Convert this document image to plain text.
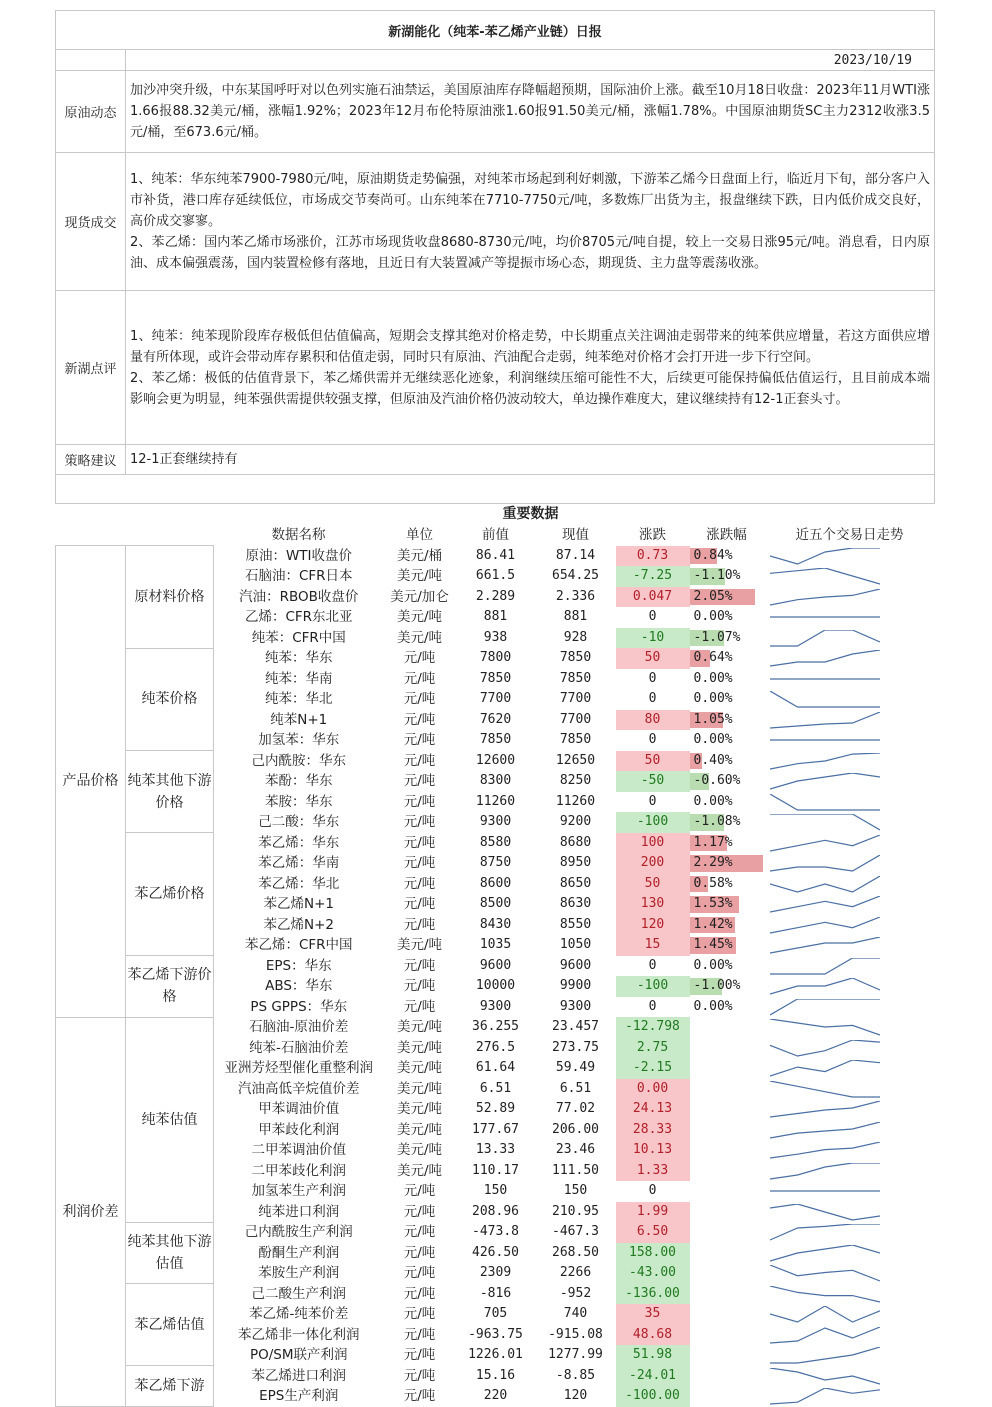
新湖能化（纯苯-苯乙烯产业链）日报	
	2023/10/19
原油动态	加沙冲突升级，中东某国呼吁对以色列实施石油禁运，美国原油库存降幅超预期，国际油价上涨。截至10月18日收盘：2023年11月WTI涨1.66报88.32美元/桶，涨幅1.92%；2023年12月布伦特原油涨1.60报91.50美元/桶，涨幅1.78%。中国原油期货SC主力2312收涨3.5元/桶，至673.6元/桶。
现货成交	1、纯苯：华东纯苯7900-7980元/吨，原油期货走势偏强，对纯苯市场起到利好刺激，下游苯乙烯今日盘面上行，临近月下旬，部分客户入市补货，港口库存延续低位，市场成交节奏尚可。山东纯苯在7710-7750元/吨，多数炼厂出货为主，报盘继续下跌，日内低价成交良好，高价成交寥寥。

2、苯乙烯：国内苯乙烯市场涨价，江苏市场现货收盘8680-8730元/吨，均价8705元/吨自提，较上一交易日涨95元/吨。消息看，日内原油、成本偏强震荡，国内装置检修有落地，且近日有大装置减产等提振市场心态，期现货、主力盘等震荡收涨。

新湖点评	1、纯苯：纯苯现阶段库存极低但估值偏高，短期会支撑其绝对价格走势，中长期重点关注调油走弱带来的纯苯供应增量，若这方面供应增量有所体现，或许会带动库存累积和估值走弱，同时只有原油、汽油配合走弱，纯苯绝对价格才会打开进一步下行空间。

2、苯乙烯：极低的估值背景下，苯乙烯供需并无继续恶化迹象，利润继续压缩可能性不大，后续更可能保持偏低估值运行，且目前成本端影响会更为明显，纯苯强供需提供较强支撑，但原油及汽油价格仍波动较大，单边操作难度大，建议继续持有12-1正套头寸。

策略建议	12-1正套继续持有

	重要数据							
		数据名称	单位	前值	现值	涨跌	涨跌幅	近五个交易日走势
产品价格	原材料价格	原油：WTI收盘价	美元/桶	86.41	87.14	0.73	0.84%	

		石脑油：CFR日本	美元/吨	661.5	654.25	-7.25	-1.10%	

		汽油：RBOB收盘价	美元/加仑	2.289	2.336	0.047	2.05%	

		乙烯：CFR东北亚	美元/吨	881	881	0	0.00%	

		纯苯：CFR中国	美元/吨	938	928	-10	-1.07%	

	纯苯价格	纯苯：华东	元/吨	7800	7850	50	0.64%	

		纯苯：华南	元/吨	7850	7850	0	0.00%	

		纯苯：华北	元/吨	7700	7700	0	0.00%	

		纯苯N+1	元/吨	7620	7700	80	1.05%	

		加氢苯：华东	元/吨	7850	7850	0	0.00%	

	纯苯其他下游价格	己内酰胺：华东	元/吨	12600	12650	50	0.40%	

		苯酚：华东	元/吨	8300	8250	-50	-0.60%	

		苯胺：华东	元/吨	11260	11260	0	0.00%	

		己二酸：华东	元/吨	9300	9200	-100	-1.08%	

	苯乙烯价格	苯乙烯：华东	元/吨	8580	8680	100	1.17%	

		苯乙烯：华南	元/吨	8750	8950	200	2.29%	

		苯乙烯：华北	元/吨	8600	8650	50	0.58%	

		苯乙烯N+1	元/吨	8500	8630	130	1.53%	

		苯乙烯N+2	元/吨	8430	8550	120	1.42%	

		苯乙烯：CFR中国	美元/吨	1035	1050	15	1.45%	

	苯乙烯下游价格	EPS：华东	元/吨	9600	9600	0	0.00%	

		ABS：华东	元/吨	10000	9900	-100	-1.00%	

		PS GPPS：华东	元/吨	9300	9300	0	0.00%	

利润价差	纯苯估值	石脑油-原油价差	美元/吨	36.255	23.457	-12.798		

		纯苯-石脑油价差	美元/吨	276.5	273.75	2.75		

		亚洲芳烃型催化重整利润	美元/吨	61.64	59.49	-2.15		

		汽油高低辛烷值价差	美元/吨	6.51	6.51	0.00		

		甲苯调油价值	美元/吨	52.89	77.02	24.13		

		甲苯歧化利润	美元/吨	177.67	206.00	28.33		

		二甲苯调油价值	美元/吨	13.33	23.46	10.13		

		二甲苯歧化利润	美元/吨	110.17	111.50	1.33		

		加氢苯生产利润	元/吨	150	150	0		

		纯苯进口利润	元/吨	208.96	210.95	1.99		

	纯苯其他下游估值	己内酰胺生产利润	元/吨	-473.8	-467.3	6.50		

		酚酮生产利润	元/吨	426.50	268.50	158.00		

		苯胺生产利润	元/吨	2309	2266	-43.00		

	苯乙烯估值	己二酸生产利润	元/吨	-816	-952	-136.00		

		苯乙烯-纯苯价差	元/吨	705	740	35		

		苯乙烯非一体化利润	元/吨	-963.75	-915.08	48.68		

		PO/SM联产利润	元/吨	1226.01	1277.99	51.98		

	苯乙烯下游	苯乙烯进口利润	元/吨	15.16	-8.85	-24.01		

		EPS生产利润	元/吨	220	120	-100.00		
